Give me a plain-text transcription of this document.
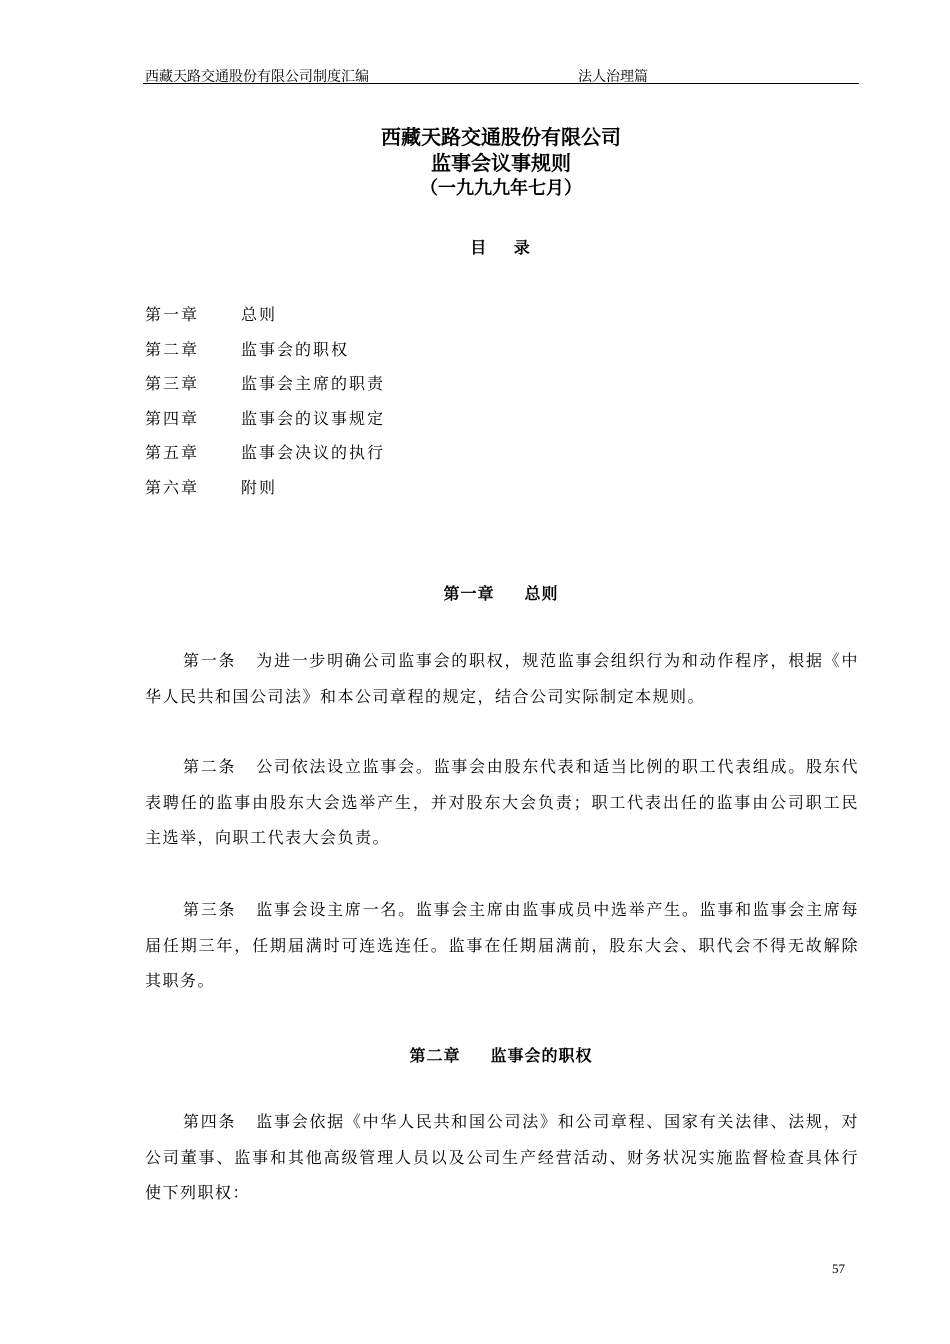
西藏天路交通股份有限公司制度汇编	法人治理篇
西藏天路交通股份有限公司
监事会议事规则
（一九九九年七月）
目 录
第一章	总则
第二章	监事会的职权
第三章	监事会主席的职责
第四章	监事会的议事规定
第五章	监事会决议的执行
第六章	附则
第一章 总则

第一条 为进一步明确公司监事会的职权，规范监事会组织行为和动作程序，根据《中华人民共和国公司法》和本公司章程的规定，结合公司实际制定本规则。

第二条 公司依法设立监事会。监事会由股东代表和适当比例的职工代表组成。股东代表聘任的监事由股东大会选举产生，并对股东大会负责；职工代表出任的监事由公司职工民主选举，向职工代表大会负责。

第三条 监事会设主席一名。监事会主席由监事成员中选举产生。监事和监事会主席每届任期三年，任期届满时可连选连任。监事在任期届满前，股东大会、职代会不得无故解除其职务。

第二章 监事会的职权

第四条 监事会依据《中华人民共和国公司法》和公司章程、国家有关法律、法规，对公司董事、监事和其他高级管理人员以及公司生产经营活动、财务状况实施监督检查具体行使下列职权：

57
